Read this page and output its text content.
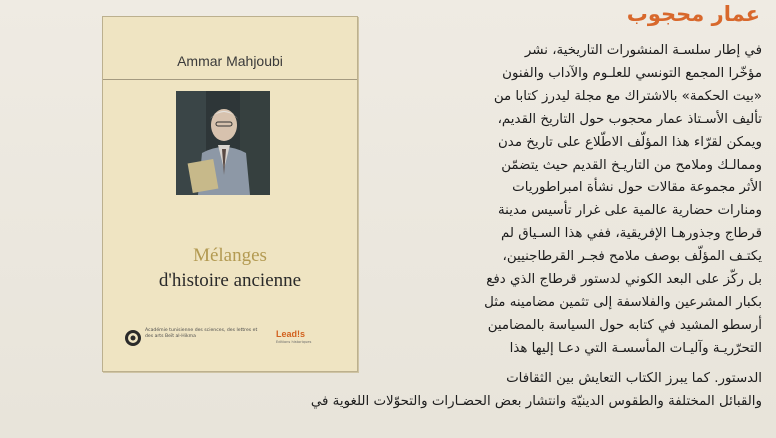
عمار محجوب
Ammar Mahjoubi
Mélanges
d'histoire ancienne
Académie tunisienne des sciences, des lettres et des arts Beït al-Hikma	Lead!s
Editions historiques

في إطار سلسـة المنشورات التاريخية، نشر

مؤخّرا المجمع التونسي للعلـوم والآداب والفنون

«بيت الحكمة» بالاشتراك مع مجلة ليدرز كتابا من

تأليف الأسـتاذ عمار محجوب حول التاريخ القديم،

ويمكن لقرّاء هذا المؤلّف الاطّلاع على تاريخ مدن

وممالـك وملامح من التاريـخ القديم حيث يتضمّن

الأثر مجموعة مقالات حول نشأة امبراطوريات

ومنارات حضارية عالمية على غرار تأسيس مدينة

قرطاج وجذورهـا الإفريقية، ففي هذا السـياق لم

يكتـف المؤلّف بوصف ملامح فجـر القرطاجنيين،

بل ركّز على البعد الكوني لدستور قرطاج الذي دفع

بكبار المشرعين والفلاسفة إلى تثمين مضامينه مثل

أرسطو المشيد في كتابه حول السياسة بالمضامين

التحرّريـة وآليـات المأسسـة التي دعـا إليها هذا

الدستور. كما يبرز الكتاب التعايش بين الثقافات
والقبائل المختلفة والطقوس الدينيّة وانتشار بعض الحضـارات والتحوّلات اللغوية في
